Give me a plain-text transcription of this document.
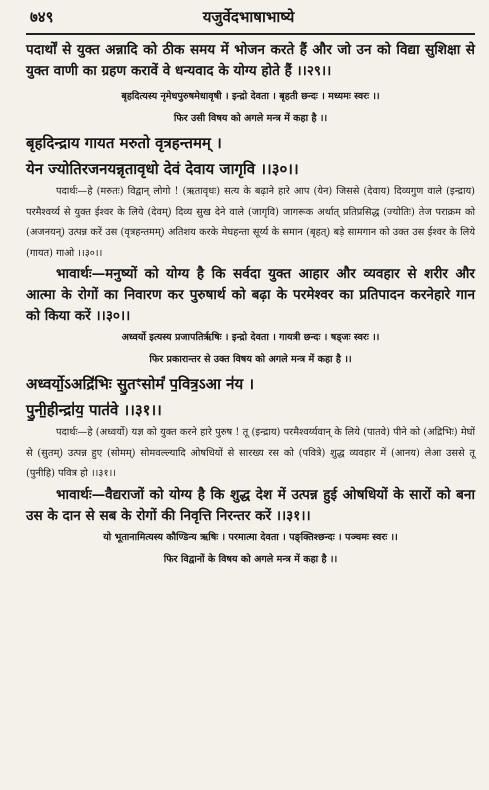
७४९	यजुर्वेदभाषाभाष्ये

पदार्थों से युक्त अन्नादि को ठीक समय में भोजन करते हैं और जो उन को विद्या सुशिक्षा से युक्त वाणी का ग्रहण करावें वे धन्यवाद के योग्य होते हैं ।।२९।।

बृहदित्यस्य नृमेधपुरुषमेधावृषी । इन्द्रो देवता । बृहती छन्दः । मध्यमः स्वरः ।।

फिर उसी विषय को अगले मन्त्र में कहा है ।।

बृहदिन्द्राय गायत मरुतो वृत्रहन्तमम् ।

येन ज्योतिरजनयन्नृतावृधो देवं देवाय जागृवि ।।३०।।

पदार्थः—हे (मरुतः) विद्वान् लोगो ! (ऋतावृधः) सत्य के बढ़ाने हारे आप (येन) जिससे (देवाय) दिव्यगुण वाले (इन्द्राय) परमैश्वर्य्य से युक्त ईश्वर के लिये (देवम्) दिव्य सुख देने वाले (जागृवि) जागरूक अर्थात् प्रतिप्रसिद्ध (ज्योतिः) तेज पराक्रम को (अजनयन्) उत्पन्न करें उस (वृत्रहन्तमम्) अतिशय करके मेघहन्ता सूर्य्य के समान (बृहत्) बड़े सामगान को उक्त उस ईश्वर के लिये (गायत) गाओ ।।३०।।

भावार्थः—मनुष्यों को योग्य है कि सर्वदा युक्त आहार और व्यवहार से शरीर और आत्मा के रोगों का निवारण कर पुरुषार्थ को बढ़ा के परमेश्वर का प्रतिपादन करनेहारे गान को किया करें ।।३०।।

अध्वर्यो इत्यस्य प्रजापतिर्ऋषिः । इन्द्रो देवता । गायत्री छन्दः । षड्जः स्वरः ।।

फिर प्रकारान्तर से उक्त विषय को अगले मन्त्र में कहा है ।।

अध्वर्यो॒ऽअद्रि॑भिः सु॒तꣳसोमं॑ प॒वित्र॒ऽआ न॑य ।

पु॒नी॒हीन्द्रा॑य॒ पात॑वे ।।३१।।

पदार्थः—हे (अध्वर्यो) यज्ञ को युक्त करने हारे पुरुष ! तू (इन्द्राय) परमैश्वर्य्यवान् के लिये (पातवे) पीने को (अद्रिभिः) मेघों से (सुतम्) उत्पन्न हुए (सोमम्) सोमवल्ल्यादि ओषधियों से सारख्य रस को (पवित्रे) शुद्ध व्यवहार में (आनय) लेआ उससे तू (पुनीहि) पवित्र हो ।।३१।।

भावार्थः—वैद्यराजों को योग्य है कि शुद्ध देश में उत्पन्न हुई ओषधियों के सारों को बना उस के दान से सब के रोगों की निवृत्ति निरन्तर करें ।।३१।।

यो भूतानामित्यस्य कौण्डिन्य ऋषिः । परमात्मा देवता । पङ्क्तिश्छन्दः । पञ्चमः स्वरः ।।

फिर विद्वानों के विषय को अगले मन्त्र में कहा है ।।
